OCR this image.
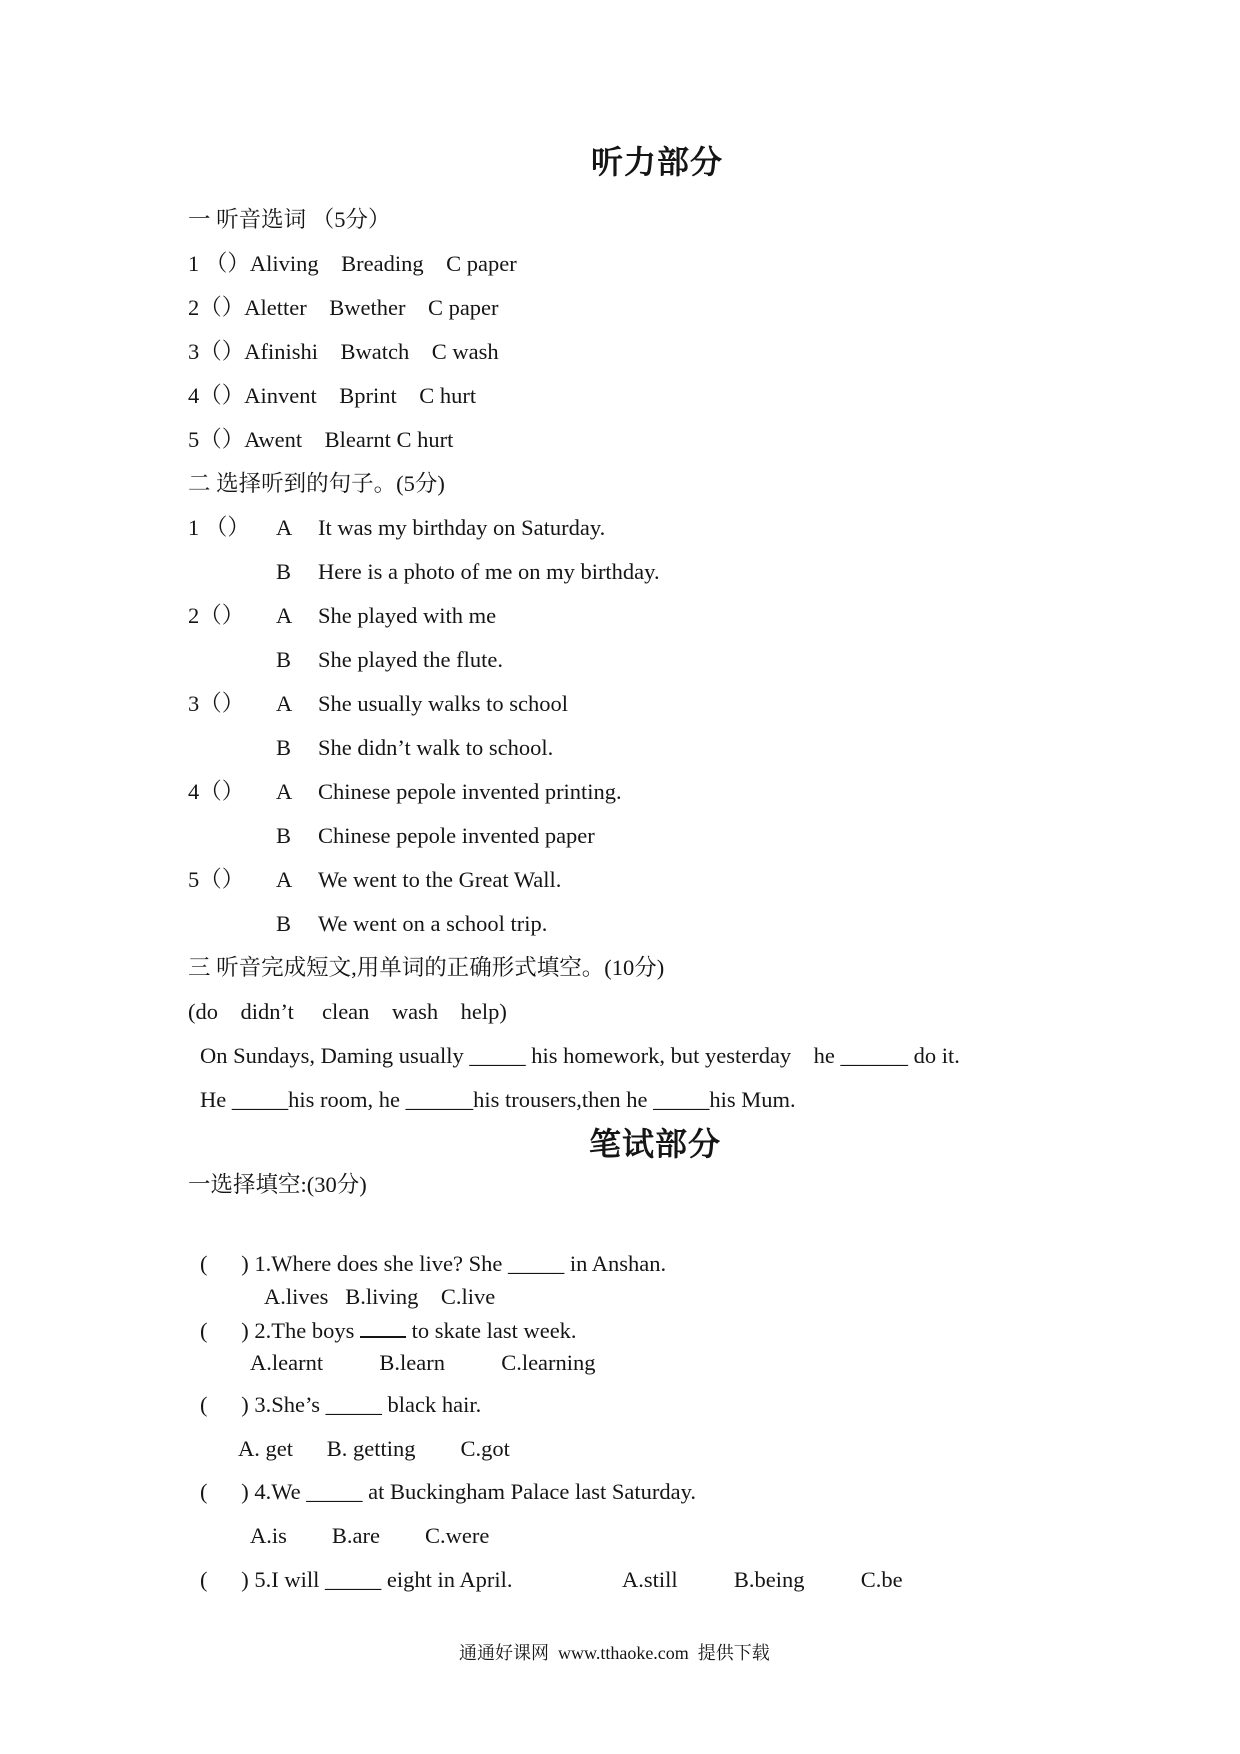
听力部分
一 听音选词 （5分）
1 （）Aliving    Breading    C paper
2（）Aletter    Bwether    C paper
3（）Afinishi    Bwatch    C wash
4（）Ainvent    Bprint    C hurt
5（）Awent    Blearnt C hurt
二 选择听到的句子。(5分)
1 （） A It was my birthday on Saturday.
B Here is a photo of me on my birthday.
2（） A She played with me
B She played the flute.
3（） A She usually walks to school
B She didn’t walk to school.
4（） A Chinese pepole invented printing.
B Chinese pepole invented paper
5（） A We went to the Great Wall.
B We went on a school trip.
三 听音完成短文,用单词的正确形式填空。(10分)
(do    didn’t     clean    wash    help)
On Sundays, Daming usually _____ his homework, but yesterday    he ______ do it.
He _____his room, he ______his trousers,then he _____his Mum.
笔试部分
一选择填空:(30分)
(      ) 1.Where does she live? She _____ in Anshan.
A.lives   B.living    C.live
(      ) 2.The boys  to skate last week.
A.learnt          B.learn          C.learning
(      ) 3.She’s _____ black hair.
A. get      B. getting        C.got
(      ) 4.We _____ at Buckingham Palace last Saturday.
A.is        B.are        C.were
(      ) 5.I will _____ eight in April.	A.still          B.being          C.be
通通好课网  www.tthaoke.com  提供下载
